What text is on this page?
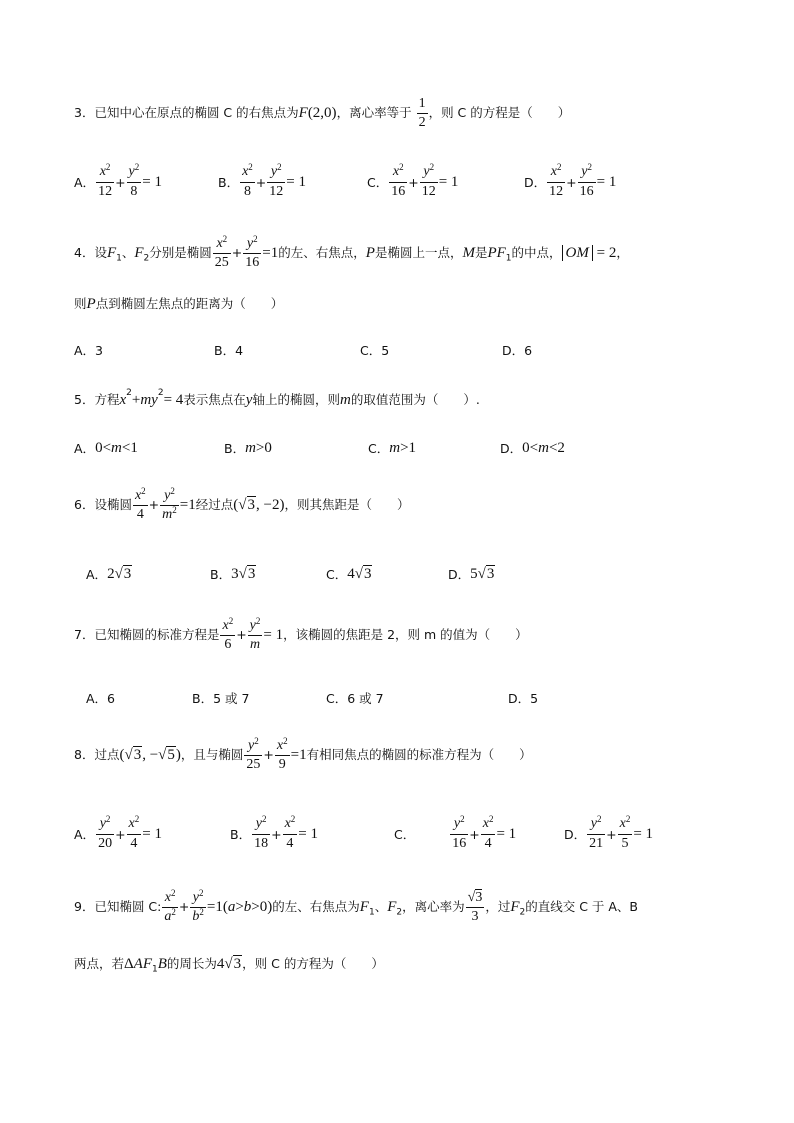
3．已知中心在原点的椭圆 C 的右焦点为F(2,0)，离心率等于 $\frac{1}{2}$ ，则 C 的方程是（　　）
A． $\frac{x^2}{12} + \frac{y^2}{8} = 1$	B． $\frac{x^2}{8} + \frac{y^2}{12} = 1$	C． $\frac{x^2}{16} + \frac{y^2}{12} = 1$	D． $\frac{x^2}{12} + \frac{y^2}{16} = 1$
4．设$F_1$、$F_2$分别是椭圆 $\frac{x^2}{25} + \frac{y^2}{16} =1$的左、右焦点，P是椭圆上一点，M是$PF_1$的中点， OM = 2，
则P点到椭圆左焦点的距离为（　　）
A．3	B．4	C．5	D．6
5．方程$x^2+my^2= 4$表示焦点在y轴上的椭圆，则m的取值范围为（　　）.
A． 0< m <1	B． m >0	C． m >1	D． 0< m <2
6．设椭圆 $\frac{x^2}{4} + \frac{y^2}{m^2} =1$经过点(√3, −2)，则其焦距是（　　）
A． 2√3	B． 3√3	C． 4√3	D． 5√3
7．已知椭圆的标准方程是 $\frac{x^2}{6} + \frac{y^2}{m} = 1$，该椭圆的焦距是 2，则 m 的值为（　　）
A．6	B．5 或 7	C．6 或 7	D．5
8．过点(√3, −√5)，且与椭圆 $\frac{y^2}{25} + \frac{x^2}{9} =1$有相同焦点的椭圆的标准方程为（　　）
A． $\frac{y^2}{20} + \frac{x^2}{4} = 1$	B． $\frac{y^2}{18} + \frac{x^2}{4} = 1$	C．	$\frac{y^2}{16} + \frac{x^2}{4} = 1$	D． $\frac{y^2}{21} + \frac{x^2}{5} = 1$
9．已知椭圆 C: $\frac{x^2}{a^2} + \frac{y^2}{b^2} =1(a>b>0)$的左、右焦点为$F_1$、$F_2$，离心率为 $\frac{√3}{3}$ ，过$F_2$的直线交 C 于 A、B
两点，若$\Delta AF_1B$的周长为4√3，则 C 的方程为（　　）
